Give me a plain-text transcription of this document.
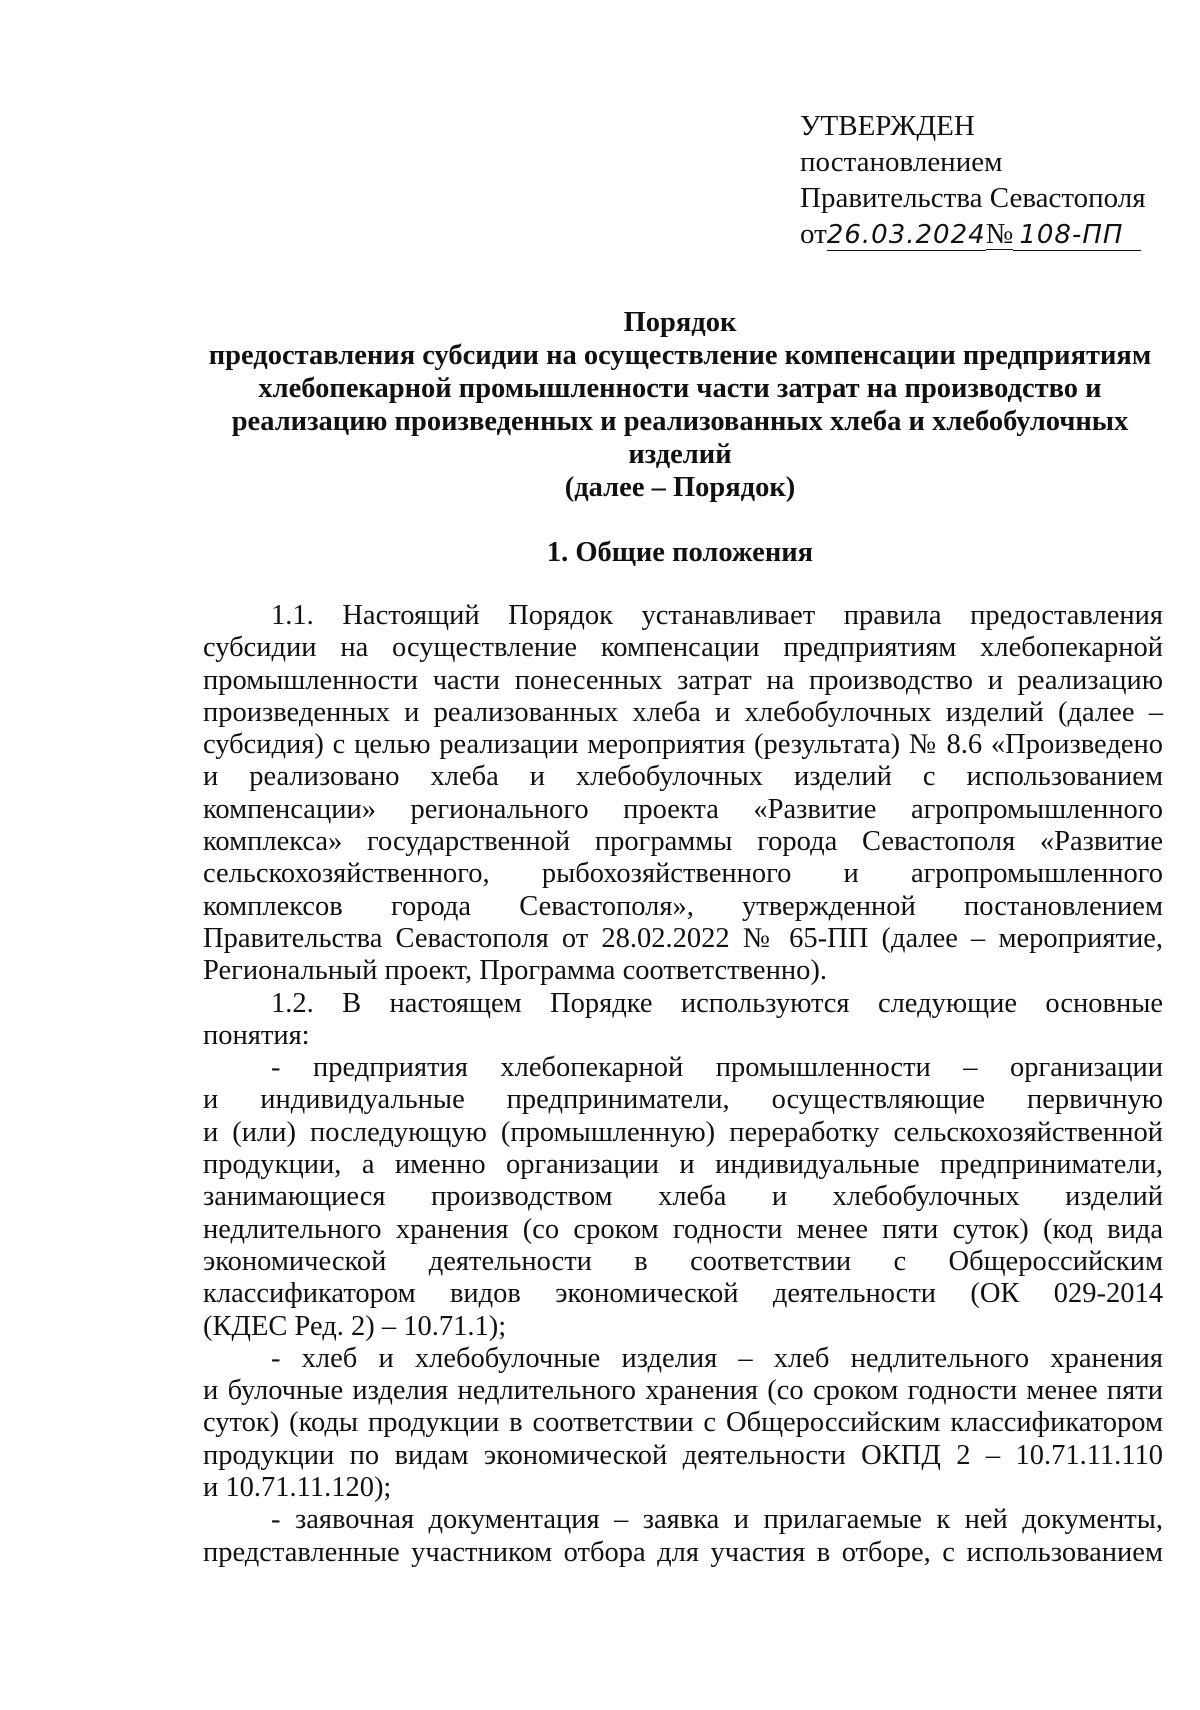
УТВЕРЖДЕН
постановлением
Правительства Севастополя
от26.03.2024№ 108-ПП
Порядок
предоставления субсидии на осуществление компенсации предприятиям
хлебопекарной промышленности части затрат на производство и
реализацию произведенных и реализованных хлеба и хлебобулочных
изделий
(далее – Порядок)
1. Общие положения
1.1. Настоящий Порядок устанавливает правила предоставления
субсидии на осуществление компенсации предприятиям хлебопекарной
промышленности части понесенных затрат на производство и реализацию
произведенных и реализованных хлеба и хлебобулочных изделий (далее –
субсидия) с целью реализации мероприятия (результата) № 8.6 «Произведено
и реализовано хлеба и хлебобулочных изделий с использованием
компенсации» регионального проекта «Развитие агропромышленного
комплекса» государственной программы города Севастополя «Развитие
сельскохозяйственного, рыбохозяйственного и агропромышленного
комплексов города Севастополя», утвержденной постановлением
Правительства Севастополя от 28.02.2022 № 65-ПП (далее – мероприятие,
Региональный проект, Программа соответственно).
1.2. В настоящем Порядке используются следующие основные
понятия:
- предприятия хлебопекарной промышленности – организации
и индивидуальные предприниматели, осуществляющие первичную
и (или) последующую (промышленную) переработку сельскохозяйственной
продукции, а именно организации и индивидуальные предприниматели,
занимающиеся производством хлеба и хлебобулочных изделий
недлительного хранения (со сроком годности менее пяти суток) (код вида
экономической деятельности в соответствии с Общероссийским
классификатором видов экономической деятельности (ОК 029-2014
(КДЕС Ред. 2) – 10.71.1);
- хлеб и хлебобулочные изделия – хлеб недлительного хранения
и булочные изделия недлительного хранения (со сроком годности менее пяти
суток) (коды продукции в соответствии с Общероссийским классификатором
продукции по видам экономической деятельности ОКПД 2 – 10.71.11.110
и 10.71.11.120);
- заявочная документация – заявка и прилагаемые к ней документы,
представленные участником отбора для участия в отборе, с использованием
